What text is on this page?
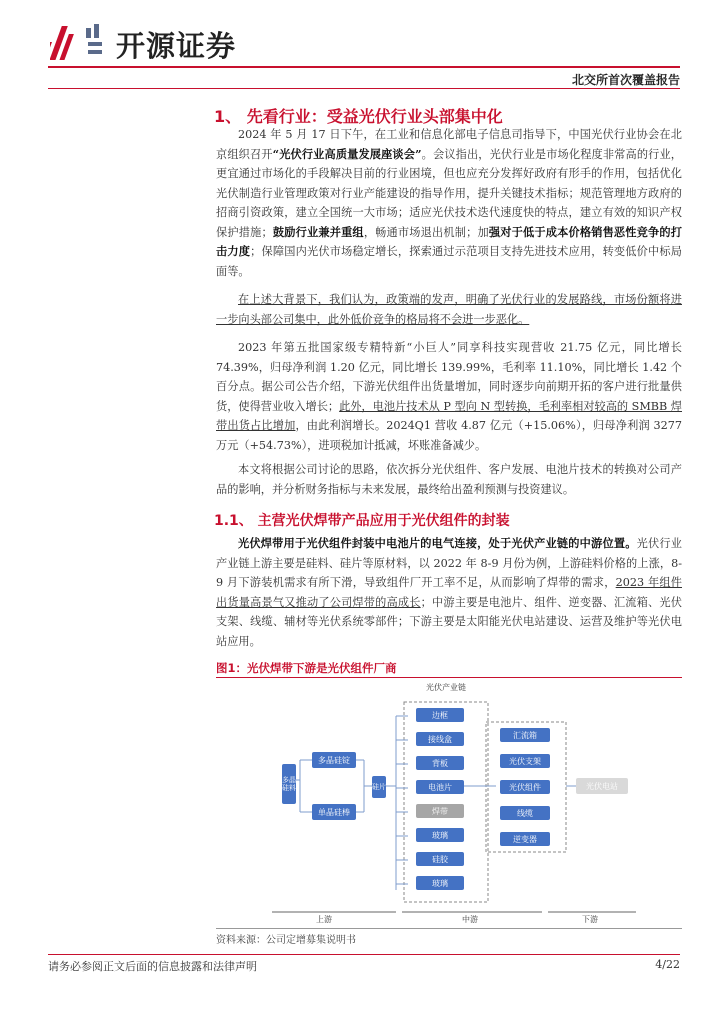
开源证券
北交所首次覆盖报告
1、 先看行业：受益光伏行业头部集中化
2024 年 5 月 17 日下午，在工业和信息化部电子信息司指导下，中国光伏行业协会在北京组织召开“光伏行业高质量发展座谈会”。会议指出，光伏行业是市场化程度非常高的行业，更宜通过市场化的手段解决目前的行业困境，但也应充分发挥好政府有形手的作用，包括优化光伏制造行业管理政策对行业产能建设的指导作用，提升关键技术指标；规范管理地方政府的招商引资政策，建立全国统一大市场；适应光伏技术迭代速度快的特点，建立有效的知识产权保护措施；鼓励行业兼并重组，畅通市场退出机制；加强对于低于成本价格销售恶性竞争的打击力度；保障国内光伏市场稳定增长，探索通过示范项目支持先进技术应用，转变低价中标局面等。
在上述大背景下，我们认为，政策端的发声，明确了光伏行业的发展路线，市场份额将进一步向头部公司集中，此外低价竞争的格局将不会进一步恶化。
2023 年第五批国家级专精特新“小巨人”同享科技实现营收 21.75 亿元，同比增长 74.39%，归母净利润 1.20 亿元，同比增长 139.99%，毛利率 11.10%，同比增长 1.42 个百分点。据公司公告介绍，下游光伏组件出货量增加，同时逐步向前期开拓的客户进行批量供货，使得营业收入增长；此外，电池片技术从 P 型向 N 型转换，毛利率相对较高的 SMBB 焊带出货占比增加，由此利润增长。2024Q1 营收 4.87 亿元（+15.06%），归母净利润 3277 万元（+54.73%），进项税加计抵减，坏账准备减少。
本文将根据公司讨论的思路，依次拆分光伏组件、客户发展、电池片技术的转换对公司产品的影响，并分析财务指标与未来发展，最终给出盈利预测与投资建议。
1.1、 主营光伏焊带产品应用于光伏组件的封装
光伏焊带用于光伏组件封装中电池片的电气连接，处于光伏产业链的中游位置。光伏行业产业链上游主要是硅料、硅片等原材料，以 2022 年 8-9 月份为例，上游硅料价格的上涨，8-9 月下游装机需求有所下滑，导致组件厂开工率不足，从而影响了焊带的需求，2023 年组件出货量高景气又推动了公司焊带的高成长；中游主要是电池片、组件、逆变器、汇流箱、光伏支架、线缆、辅材等光伏系统零部件；下游主要是太阳能光伏电站建设、运营及维护等光伏电站应用。
图1：光伏焊带下游是光伏组件厂商
光伏产业链
多晶硅料
多晶硅锭
单晶硅棒
硅片
边框
接线盒
背板
电池片
焊带
玻璃
硅胶
玻璃
汇流箱
光伏支架
光伏组件
线缆
逆变器
光伏电站
上游	中游	下游
资料来源：公司定增募集说明书
请务必参阅正文后面的信息披露和法律声明	4/22
